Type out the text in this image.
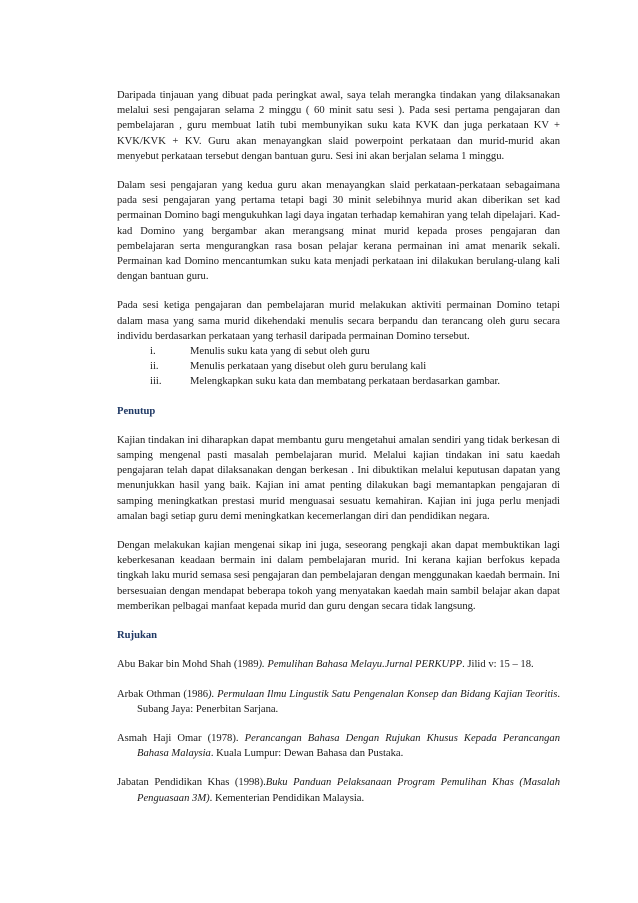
Daripada tinjauan yang dibuat pada peringkat awal, saya telah merangka tindakan yang dilaksanakan melalui sesi pengajaran selama 2 minggu ( 60 minit satu sesi ). Pada sesi pertama pengajaran dan pembelajaran , guru membuat latih tubi membunyikan suku kata KVK dan juga perkataan KV + KVK/KVK + KV. Guru akan menayangkan slaid powerpoint perkataan dan murid-murid akan menyebut perkataan tersebut dengan bantuan guru. Sesi ini akan berjalan selama 1 minggu.

Dalam sesi pengajaran yang kedua guru akan menayangkan slaid perkataan-perkataan sebagaimana pada sesi pengajaran yang pertama tetapi bagi 30 minit selebihnya murid akan diberikan set kad permainan Domino bagi mengukuhkan lagi daya ingatan terhadap kemahiran yang telah dipelajari. Kad-kad Domino yang bergambar akan merangsang minat murid kepada proses pengajaran dan pembelajaran serta mengurangkan rasa bosan pelajar kerana permainan ini amat menarik sekali. Permainan kad Domino mencantumkan suku kata menjadi perkataan ini dilakukan berulang-ulang kali dengan bantuan guru.

Pada sesi ketiga pengajaran dan pembelajaran murid melakukan aktiviti permainan Domino tetapi dalam masa yang sama murid dikehendaki menulis secara berpandu dan terancang oleh guru secara individu berdasarkan perkataan yang terhasil daripada permainan Domino tersebut.

i.	Menulis suku kata yang di sebut oleh guru
ii.	Menulis perkataan yang disebut oleh guru berulang kali
iii.	Melengkapkan suku kata dan membatang perkataan berdasarkan gambar.
Penutup

Kajian tindakan ini diharapkan dapat membantu guru mengetahui amalan sendiri yang tidak berkesan di samping mengenal pasti masalah pembelajaran murid. Melalui kajian tindakan ini satu kaedah pengajaran telah dapat dilaksanakan dengan berkesan . Ini dibuktikan melalui keputusan dapatan yang menunjukkan hasil yang baik. Kajian ini amat penting dilakukan bagi memantapkan pengajaran di samping meningkatkan prestasi murid menguasai sesuatu kemahiran. Kajian ini juga perlu menjadi amalan bagi setiap guru demi meningkatkan kecemerlangan diri dan pendidikan negara.

Dengan melakukan kajian mengenai sikap ini juga, seseorang pengkaji akan dapat membuktikan lagi keberkesanan keadaan bermain ini dalam pembelajaran murid. Ini kerana kajian berfokus kepada tingkah laku murid semasa sesi pengajaran dan pembelajaran dengan menggunakan kaedah bermain. Ini bersesuaian dengan mendapat beberapa tokoh yang menyatakan kaedah main sambil belajar akan dapat memberikan pelbagai manfaat kepada murid dan guru dengan secara tidak langsung.

Rujukan
Abu Bakar bin Mohd Shah (1989). Pemulihan Bahasa Melayu.Jurnal PERKUPP. Jilid v: 15 – 18.
Arbak Othman (1986). Permulaan Ilmu Lingustik Satu Pengenalan Konsep dan Bidang Kajian Teoritis. Subang Jaya: Penerbitan Sarjana.
Asmah Haji Omar (1978). Perancangan Bahasa Dengan Rujukan Khusus Kepada Perancangan Bahasa Malaysia. Kuala Lumpur: Dewan Bahasa dan Pustaka.
Jabatan Pendidikan Khas (1998).Buku Panduan Pelaksanaan Program Pemulihan Khas (Masalah Penguasaan 3M). Kementerian Pendidikan Malaysia.
